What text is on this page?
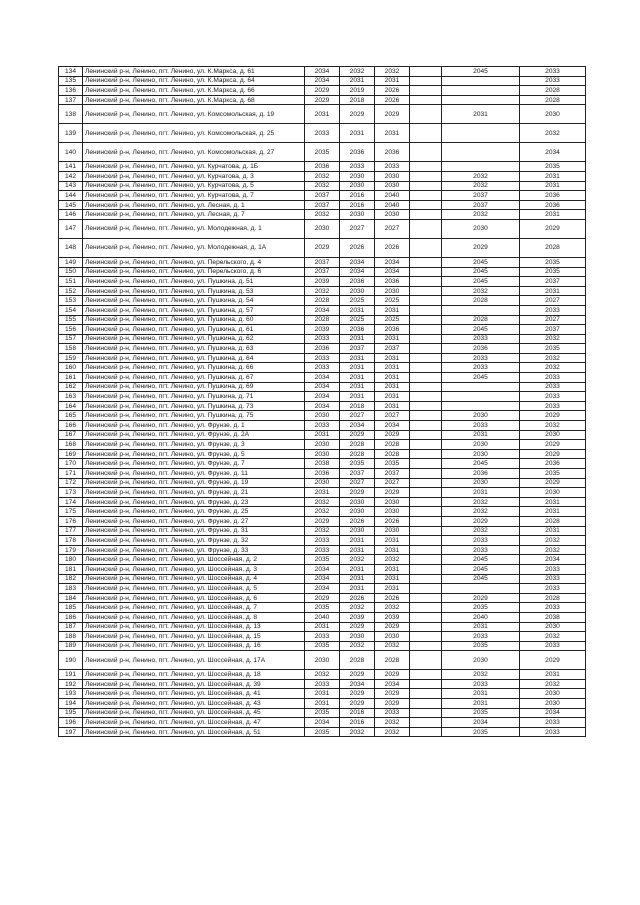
134	Ленинский р-н, Ленино, пгт. Ленино, ул. К.Маркса, д. 61	2034	2032	2032		2045	2033
135	Ленинский р-н, Ленино, пгт. Ленино, ул. К.Маркса, д. 64	2034	2031	2031			2033
136	Ленинский р-н, Ленино, пгт. Ленино, ул. К.Маркса, д. 66	2029	2019	2026			2028
137	Ленинский р-н, Ленино, пгт. Ленино, ул. К.Маркса, д. 68	2029	2018	2026			2028
138	Ленинский р-н, Ленино, пгт. Ленино, ул. Комсомольская, д. 19	2031	2029	2029		2031	2030
139	Ленинский р-н, Ленино, пгт. Ленино, ул. Комсомольская, д. 25	2033	2031	2031			2032
140	Ленинский р-н, Ленино, пгт. Ленино, ул. Комсомольская, д. 27	2035	2036	2036			2034
141	Ленинский р-н, Ленино, пгт. Ленино, ул. Курчатова, д. 1Б	2036	2033	2033			2035
142	Ленинский р-н, Ленино, пгт. Ленино, ул. Курчатова, д. 3	2032	2030	2030		2032	2031
143	Ленинский р-н, Ленино, пгт. Ленино, ул. Курчатова, д. 5	2032	2030	2030		2032	2031
144	Ленинский р-н, Ленино, пгт. Ленино, ул. Курчатова, д. 7	2037	2016	2040		2037	2036
145	Ленинский р-н, Ленино, пгт. Ленино, ул. Лесная, д. 1	2037	2016	2040		2037	2036
146	Ленинский р-н, Ленино, пгт. Ленино, ул. Лесная, д. 7	2032	2030	2030		2032	2031
147	Ленинский р-н, Ленино, пгт. Ленино, ул. Молодежная, д. 1	2030	2027	2027		2030	2029
148	Ленинский р-н, Ленино, пгт. Ленино, ул. Молодежная, д. 1А	2029	2026	2026		2029	2028
149	Ленинский р-н, Ленино, пгт. Ленино, ул. Перельского, д. 4	2037	2034	2034		2045	2035
150	Ленинский р-н, Ленино, пгт. Ленино, ул. Перельского, д. 6	2037	2034	2034		2045	2035
151	Ленинский р-н, Ленино, пгт. Ленино, ул. Пушкина, д. 51	2039	2036	2036		2045	2037
152	Ленинский р-н, Ленино, пгт. Ленино, ул. Пушкина, д. 53	2032	2030	2030		2032	2031
153	Ленинский р-н, Ленино, пгт. Ленино, ул. Пушкина, д. 54	2028	2025	2025		2028	2027
154	Ленинский р-н, Ленино, пгт. Ленино, ул. Пушкина, д. 57	2034	2031	2031			2033
155	Ленинский р-н, Ленино, пгт. Ленино, ул. Пушкина, д. 60	2028	2025	2025		2028	2027
156	Ленинский р-н, Ленино, пгт. Ленино, ул. Пушкина, д. 61	2039	2036	2036		2045	2037
157	Ленинский р-н, Ленино, пгт. Ленино, ул. Пушкина, д. 62	2033	2031	2031		2033	2032
158	Ленинский р-н, Ленино, пгт. Ленино, ул. Пушкина, д. 63	2036	2037	2037		2036	2035
159	Ленинский р-н, Ленино, пгт. Ленино, ул. Пушкина, д. 64	2033	2031	2031		2033	2032
160	Ленинский р-н, Ленино, пгт. Ленино, ул. Пушкина, д. 66	2033	2031	2031		2033	2032
161	Ленинский р-н, Ленино, пгт. Ленино, ул. Пушкина, д. 67	2034	2031	2031		2045	2033
162	Ленинский р-н, Ленино, пгт. Ленино, ул. Пушкина, д. 69	2034	2031	2031			2033
163	Ленинский р-н, Ленино, пгт. Ленино, ул. Пушкина, д. 71	2034	2031	2031			2033
164	Ленинский р-н, Ленино, пгт. Ленино, ул. Пушкина, д. 73	2034	2018	2031			2033
165	Ленинский р-н, Ленино, пгт. Ленино, ул. Пушкина, д. 75	2030	2027	2027		2030	2029
166	Ленинский р-н, Ленино, пгт. Ленино, ул. Фрунзе, д. 1	2033	2034	2034		2033	2032
167	Ленинский р-н, Ленино, пгт. Ленино, ул. Фрунзе, д. 2А	2031	2029	2029		2031	2030
168	Ленинский р-н, Ленино, пгт. Ленино, ул. Фрунзе, д. 3	2030	2028	2028		2030	2029
169	Ленинский р-н, Ленино, пгт. Ленино, ул. Фрунзе, д. 5	2030	2028	2028		2030	2029
170	Ленинский р-н, Ленино, пгт. Ленино, ул. Фрунзе, д. 7	2038	2035	2035		2045	2036
171	Ленинский р-н, Ленино, пгт. Ленино, ул. Фрунзе, д. 11	2036	2037	2037		2036	2035
172	Ленинский р-н, Ленино, пгт. Ленино, ул. Фрунзе, д. 19	2030	2027	2027		2030	2029
173	Ленинский р-н, Ленино, пгт. Ленино, ул. Фрунзе, д. 21	2031	2029	2029		2031	2030
174	Ленинский р-н, Ленино, пгт. Ленино, ул. Фрунзе, д. 23	2032	2030	2030		2032	2031
175	Ленинский р-н, Ленино, пгт. Ленино, ул. Фрунзе, д. 25	2032	2030	2030		2032	2031
176	Ленинский р-н, Ленино, пгт. Ленино, ул. Фрунзе, д. 27	2029	2026	2026		2029	2028
177	Ленинский р-н, Ленино, пгт. Ленино, ул. Фрунзе, д. 31	2032	2030	2030		2032	2031
178	Ленинский р-н, Ленино, пгт. Ленино, ул. Фрунзе, д. 32	2033	2031	2031		2033	2032
179	Ленинский р-н, Ленино, пгт. Ленино, ул. Фрунзе, д. 33	2033	2031	2031		2033	2032
180	Ленинский р-н, Ленино, пгт. Ленино, ул. Шоссейная, д. 2	2035	2032	2032		2045	2034
181	Ленинский р-н, Ленино, пгт. Ленино, ул. Шоссейная, д. 3	2034	2031	2031		2045	2033
182	Ленинский р-н, Ленино, пгт. Ленино, ул. Шоссейная, д. 4	2034	2031	2031		2045	2033
183	Ленинский р-н, Ленино, пгт. Ленино, ул. Шоссейная, д. 5	2034	2031	2031			2033
184	Ленинский р-н, Ленино, пгт. Ленино, ул. Шоссейная, д. 6	2029	2026	2026		2029	2028
185	Ленинский р-н, Ленино, пгт. Ленино, ул. Шоссейная, д. 7	2035	2032	2032		2035	2033
186	Ленинский р-н, Ленино, пгт. Ленино, ул. Шоссейная, д. 8	2040	2039	2039		2040	2038
187	Ленинский р-н, Ленино, пгт. Ленино, ул. Шоссейная, д. 13	2031	2029	2029		2031	2030
188	Ленинский р-н, Ленино, пгт. Ленино, ул. Шоссейная, д. 15	2033	2030	2030		2033	2032
189	Ленинский р-н, Ленино, пгт. Ленино, ул. Шоссейная, д. 16	2035	2032	2032		2035	2033
190	Ленинский р-н, Ленино, пгт. Ленино, ул. Шоссейная, д. 17А	2030	2028	2028		2030	2029
191	Ленинский р-н, Ленино, пгт. Ленино, ул. Шоссейная, д. 18	2032	2029	2029		2032	2031
192	Ленинский р-н, Ленино, пгт. Ленино, ул. Шоссейная, д. 39	2033	2034	2034		2033	2032
193	Ленинский р-н, Ленино, пгт. Ленино, ул. Шоссейная, д. 41	2031	2029	2029		2031	2030
194	Ленинский р-н, Ленино, пгт. Ленино, ул. Шоссейная, д. 43	2031	2029	2029		2031	2030
195	Ленинский р-н, Ленино, пгт. Ленино, ул. Шоссейная, д. 45	2035	2016	2033		2035	2034
196	Ленинский р-н, Ленино, пгт. Ленино, ул. Шоссейная, д. 47	2034	2016	2032		2034	2033
197	Ленинский р-н, Ленино, пгт. Ленино, ул. Шоссейная, д. 51	2035	2032	2032		2035	2033
